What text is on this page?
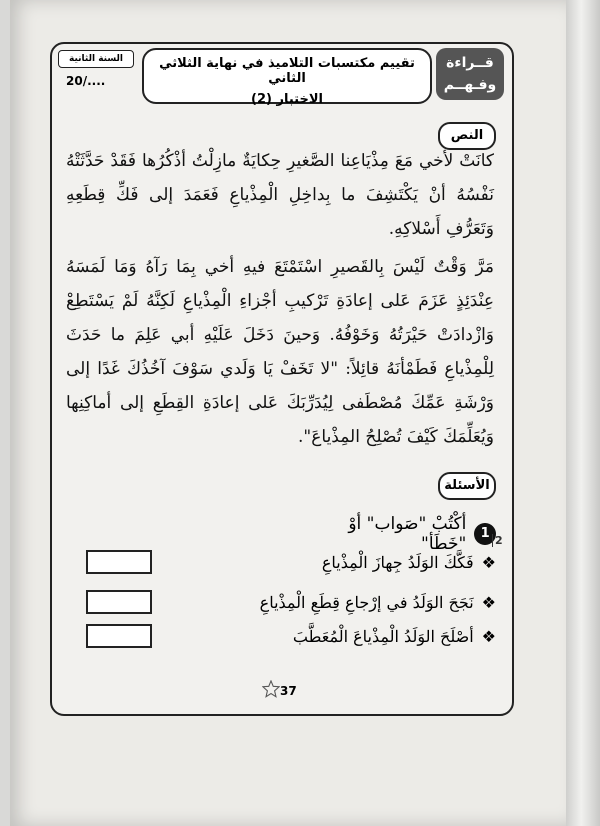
السنة الثانية
20/....
تقييم مكتسبات التلاميذ في نهاية الثلاثي الثاني
الاختبار (2)
قــراءة
وفـهــم
النص
كانَتْ لأخي مَعَ مِذْيَاعِنا الصَّغيرِ حِكايَةٌ مازِلْتُ أذْكُرُها فَقَدْ حَدَّثَتْهُ نَفْسُهُ أنْ يَكْتَشِفَ ما بِداخِلِ الْمِذْياعِ فَعَمَدَ إلى فَكِّ قِطَعِهِ وَتَعَرُّفِ أَسْلاكِهِ.
مَرَّ وَقْتٌ لَيْسَ بِالقَصيرِ اسْتَمْتَعَ فيهِ أخي بِمَا رَآهُ وَمَا لَمَسَهُ عِنْدَئِذٍ عَزَمَ عَلى إعادَةِ تَرْكيبِ أجْزاءِ الْمِذْياعِ لَكِنَّهُ لَمْ يَسْتَطِعْ وَازْدادَتْ حَيْرَتُهُ وَخَوْفُهُ. وَحينَ دَخَلَ عَلَيْهِ أبي عَلِمَ ما حَدَثَ لِلْمِذْياعِ فَطَمْأنَهُ قائِلاً: "لا تَخَفْ يَا وَلَدي سَوْفَ آخُذُكَ غَدًا إلى وَرْشَةِ عَمِّكَ مُصْطَفى لِيُدَرِّبَكَ عَلى إعادَةِ القِطَعِ إلى أماكِنِها وَيُعَلِّمَكَ كَيْفَ تُصْلِحُ المِذْياعَ".
الأسئلة
1
أكْتُبْ "صَواب" أوْ "خَطَأ"	2
❖
فَكَّكَ الوَلَدُ جِهازَ الْمِذْياعِ
❖
نَجَحَ الوَلَدُ في إرْجاعِ قِطَعِ الْمِذْياعِ
❖
أصْلَحَ الوَلَدُ الْمِذْياعَ الْمُعَطَّبَ
37
